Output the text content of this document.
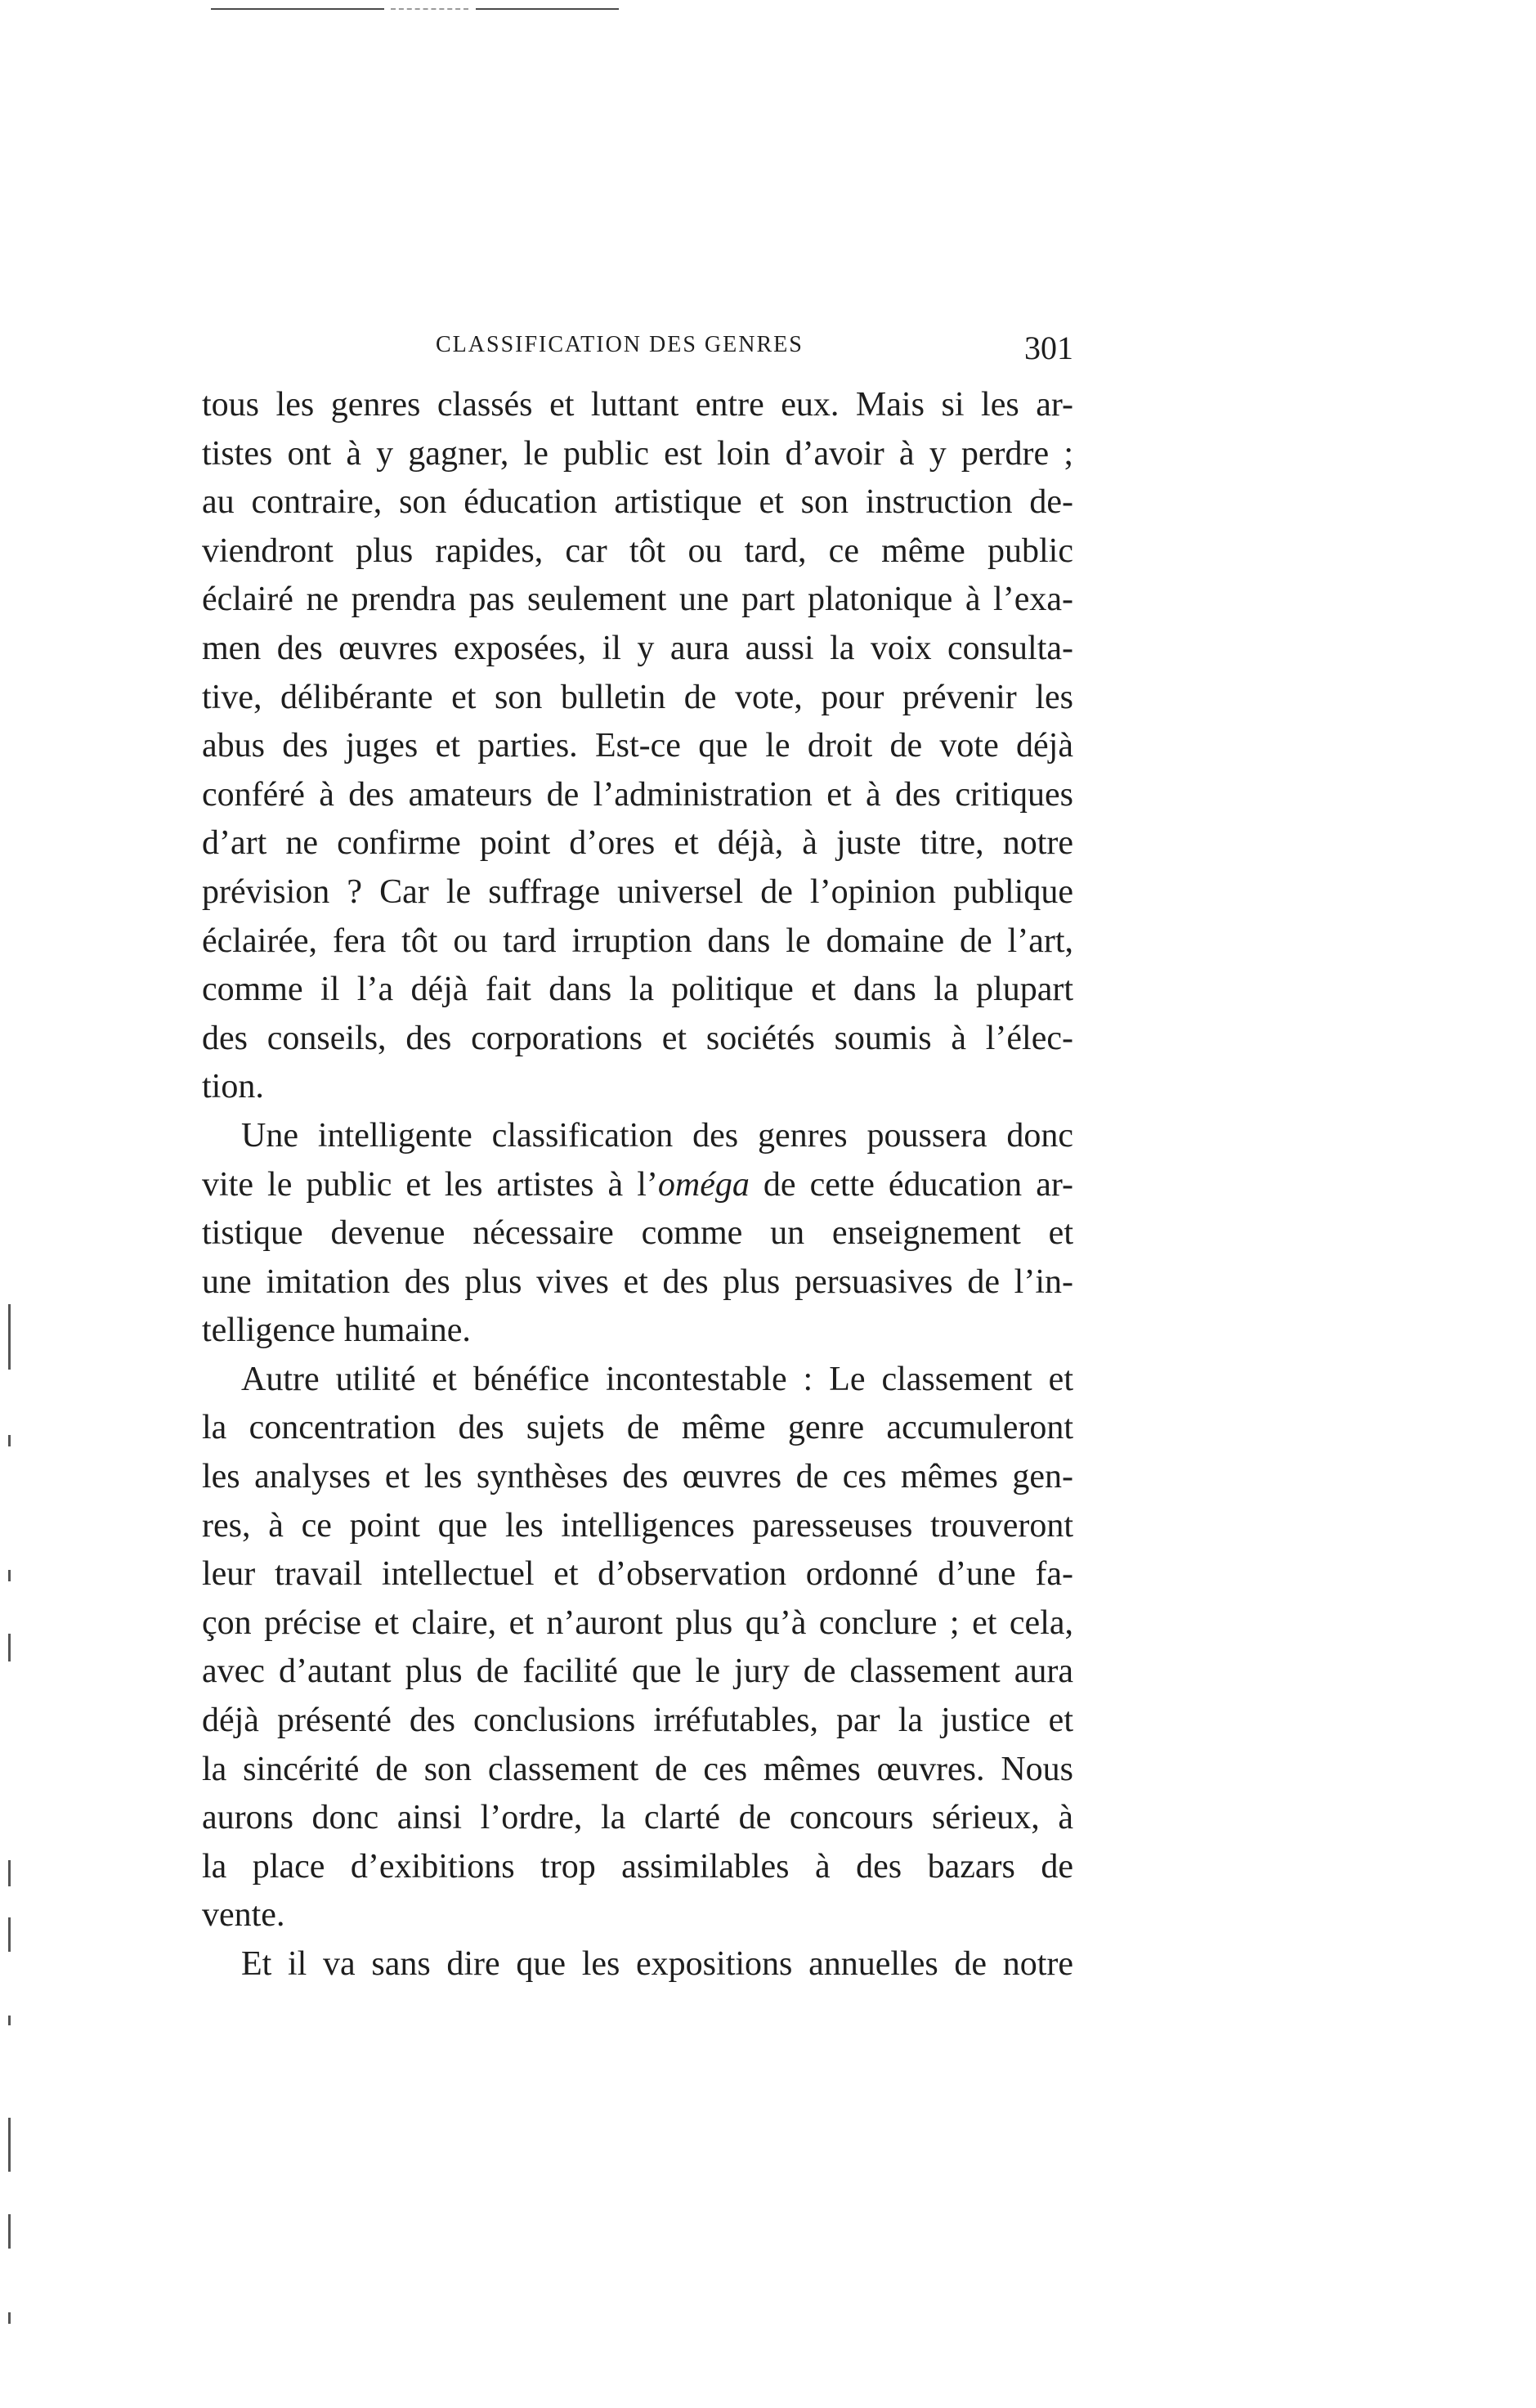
CLASSIFICATION DES GENRES	301
tous les genres classés et luttant entre eux. Mais si les ar-
tistes ont à y gagner, le public est loin d’avoir à y perdre ;
au contraire, son éducation artistique et son instruction de-
viendront plus rapides, car tôt ou tard, ce même public
éclairé ne prendra pas seulement une part platonique à l’exa-
men des œuvres exposées, il y aura aussi la voix consulta-
tive, délibérante et son bulletin de vote, pour prévenir les
abus des juges et parties. Est-ce que le droit de vote déjà
conféré à des amateurs de l’administration et à des critiques
d’art ne confirme point d’ores et déjà, à juste titre, notre
prévision ? Car le suffrage universel de l’opinion publique
éclairée, fera tôt ou tard irruption dans le domaine de l’art,
comme il l’a déjà fait dans la politique et dans la plupart
des conseils, des corporations et sociétés soumis à l’élec-
tion.
Une intelligente classification des genres poussera donc
vite le public et les artistes à l’oméga de cette éducation ar-
tistique devenue nécessaire comme un enseignement et
une imitation des plus vives et des plus persuasives de l’in-
telligence humaine.
Autre utilité et bénéfice incontestable : Le classement et
la concentration des sujets de même genre accumuleront
les analyses et les synthèses des œuvres de ces mêmes gen-
res, à ce point que les intelligences paresseuses trouveront
leur travail intellectuel et d’observation ordonné d’une fa-
çon précise et claire, et n’auront plus qu’à conclure ; et cela,
avec d’autant plus de facilité que le jury de classement aura
déjà présenté des conclusions irréfutables, par la justice et
la sincérité de son classement de ces mêmes œuvres. Nous
aurons donc ainsi l’ordre, la clarté de concours sérieux, à
la place d’exibitions trop assimilables à des bazars de
vente.
Et il va sans dire que les expositions annuelles de notre
